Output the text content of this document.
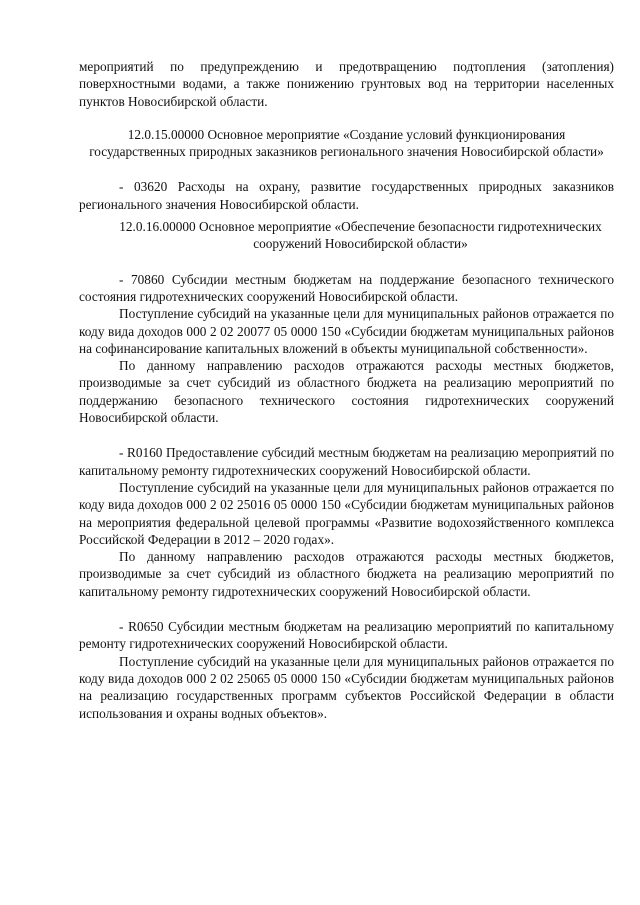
мероприятий по предупреждению и предотвращению подтопления (затопления) поверхностными водами, а также понижению грунтовых вод на территории населенных пунктов Новосибирской области.

12.0.15.00000 Основное мероприятие «Создание условий функционирования государственных природных заказников регионального значения Новосибирской области»

- 03620 Расходы на охрану, развитие государственных природных заказников регионального значения Новосибирской области.

12.0.16.00000 Основное мероприятие «Обеспечение безопасности гидротехнических сооружений Новосибирской области»

- 70860 Субсидии местным бюджетам на поддержание безопасного технического состояния гидротехнических сооружений Новосибирской области.

Поступление субсидий на указанные цели для муниципальных районов отражается по коду вида доходов 000 2 02 20077 05 0000 150 «Субсидии бюджетам муниципальных районов на софинансирование капитальных вложений в объекты муниципальной собственности».

По данному направлению расходов отражаются расходы местных бюджетов, производимые за счет субсидий из областного бюджета на реализацию мероприятий по поддержанию безопасного технического состояния гидротехнических сооружений Новосибирской области.

- R0160 Предоставление субсидий местным бюджетам на реализацию мероприятий по капитальному ремонту гидротехнических сооружений Новосибирской области.

Поступление субсидий на указанные цели для муниципальных районов отражается по коду вида доходов 000 2 02 25016 05 0000 150 «Субсидии бюджетам муниципальных районов на мероприятия федеральной целевой программы «Развитие водохозяйственного комплекса Российской Федерации в 2012 – 2020 годах».

По данному направлению расходов отражаются расходы местных бюджетов, производимые за счет субсидий из областного бюджета на реализацию мероприятий по капитальному ремонту гидротехнических сооружений Новосибирской области.

- R0650 Субсидии местным бюджетам на реализацию мероприятий по капитальному ремонту гидротехнических сооружений Новосибирской области.

Поступление субсидий на указанные цели для муниципальных районов отражается по коду вида доходов 000 2 02 25065 05 0000 150 «Субсидии бюджетам муниципальных районов на реализацию государственных программ субъектов Российской Федерации в области использования и охраны водных объектов».
